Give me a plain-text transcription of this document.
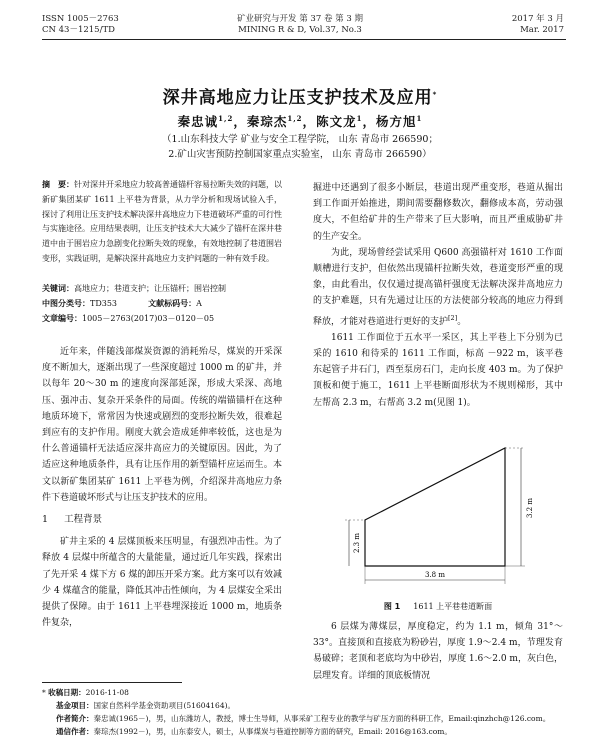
ISSN 1005－2763
CN 43－1215/TD
矿业研究与开发 第 37 卷 第 3 期
MINING R & D, Vol.37, No.3
2017 年 3 月
Mar. 2017
深井高地应力让压支护技术及应用*
秦忠诚$^{1,2}$，秦琮杰$^{1,2}$，陈文龙$^1$，杨方旭$^1$
（1.山东科技大学 矿业与安全工程学院， 山东 青岛市 266590；
2.矿山灾害预防控制国家重点实验室， 山东 青岛市 266590）
摘　要：针对深井开采地应力较高普通锚杆容易拉断失效的问题，以新矿集团某矿 1611 上平巷为背景，从力学分析和现场试验入手，探讨了利用让压支护技术解决深井高地应力下巷道破坏严重的可行性与实施途径。应用结果表明，让压支护技术大大减少了锚杆在深井巷道中由于围岩应力急剧变化拉断失效的现象，有效地控制了巷道围岩变形，实践证明，是解决深井高地应力支护问题的一种有效手段。
关键词：高地应力；巷道支护；让压锚杆；围岩控制
中图分类号：TD353	文献标码号：A
文章编号：1005－2763(2017)03－0120－05

近年来，伴随浅部煤炭资源的消耗殆尽，煤炭的开采深度不断加大，逐渐出现了一些深度超过 1000 m 的矿井，并以每年 20～30 m 的速度向深部延深，形成大采深、高地压、强冲击、复杂开采条件的局面。传统的端锚锚杆在这种地质环境下，常常因为快速或剧烈的变形拉断失效，很难起到应有的支护作用。刚度大就会造成延伸率较低，这也是为什么普通锚杆无法适应深井高应力的关键原因。因此，为了适应这种地质条件，具有让压作用的新型锚杆应运而生。本文以新矿集团某矿 1611 上平巷为例，介绍深井高地应力条件下巷道破坏形式与让压支护技术的应用。

1 工程背景

矿井主采的 4 层煤顶板来压明显，有强烈冲击性。为了释放 4 层煤中所蕴含的大量能量，通过近几年实践，探索出了先开采 4 煤下方 6 煤的卸压开采方案。此方案可以有效减少 4 煤蕴含的能量，降低其冲击性倾向，为 4 层煤安全采出提供了保障。由于 1611 上平巷埋深接近 1000 m，地质条件复杂，

掘进中还遇到了很多小断层，巷道出现严重变形，巷道从掘出到工作面开始推进，期间需要翻修数次，翻修成本高，劳动强度大，不但给矿井的生产带来了巨大影响，而且严重威胁矿井的生产安全。

为此，现场曾经尝试采用 Q600 高强锚杆对 1610 工作面顺槽进行支护，但依然出现锚杆拉断失效，巷道变形严重的现象，由此看出，仅仅通过提高锚杆强度无法解决深井高地应力的支护难题，只有先通过让压的方法使部分较高的地应力得到释放，才能对巷道进行更好的支护[2]。

1611 工作面位于五水平一采区，其上平巷上下分别为已采的 1610 和待采的 1611 工作面，标高 －922 m，该平巷东起管子井石门，西至泵房石门，走向长度 403 m。为了保护顶板和便于施工，1611 上平巷断面形状为不规则梯形，其中左帮高 2.3 m，右帮高 3.2 m(见图 1)。

2.3 m
3.2 m
3.8 m
图 1 1611 上平巷巷道断面

6 层煤为薄煤层，厚度稳定，约为 1.1 m，倾角 31°～33°。直接顶和直接底为粉砂岩，厚度 1.9～2.4 m，节理发育易破碎；老顶和老底均为中砂岩，厚度 1.6～2.0 m，灰白色，层理发育。详细的顶底板情况

* 收稿日期：2016-11-08
基金项目：国家自然科学基金资助项目(51604164)。
作者简介：秦忠诚(1965－)，男，山东潍坊人，教授，博士生导师，从事采矿工程专业的教学与矿压方面的科研工作，Email:qinzhch@126.com。
通信作者：秦琮杰(1992－)，男，山东泰安人，硕士，从事煤炭与巷道控制等方面的研究，Email: 2016@163.com。
